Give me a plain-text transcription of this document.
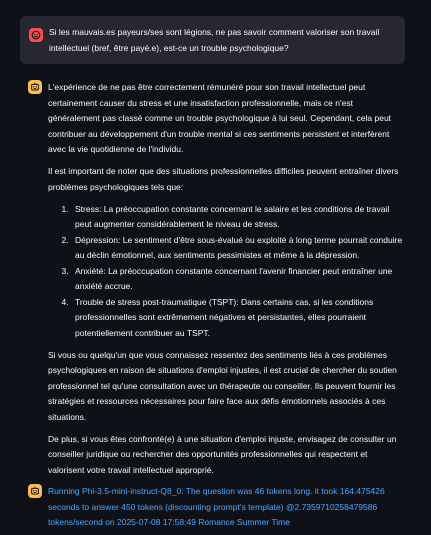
Si les mauvais.es payeurs/ses sont légions, ne pas savoir comment valoriser son travail intellectuel (bref, être payé.e), est-ce un trouble psychologique?

L'expérience de ne pas être correctement rémunéré pour son travail intellectuel peut certainement causer du stress et une insatisfaction professionnelle, mais ce n'est généralement pas classé comme un trouble psychologique à lui seul. Cependant, cela peut contribuer au développement d'un trouble mental si ces sentiments persistent et interfèrent avec la vie quotidienne de l'individu.

Il est important de noter que des situations professionnelles difficiles peuvent entraîner divers problèmes psychologiques tels que:

1. Stress: La préoccupation constante concernant le salaire et les conditions de travail peut augmenter considérablement le niveau de stress.
2. Dépression: Le sentiment d'être sous-évalué ou exploité à long terme pourrait conduire au déclin émotionnel, aux sentiments pessimistes et même à la dépression.
3. Anxiété: La préoccupation constante concernant l'avenir financier peut entraîner une anxiété accrue.
4. Trouble de stress post-traumatique (TSPT): Dans certains cas, si les conditions professionnelles sont extrêmement négatives et persistantes, elles pourraient potentiellement contribuer au TSPT.

Si vous ou quelqu'un que vous connaissez ressentez des sentiments liés à ces problèmes psychologiques en raison de situations d'emploi injustes, il est crucial de chercher du soutien professionnel tel qu'une consultation avec un thérapeute ou conseiller. Ils peuvent fournir les stratégies et ressources nécessaires pour faire face aux défis émotionnels associés à ces situations.

De plus, si vous êtes confronté(e) à une situation d'emploi injuste, envisagez de consulter un conseiller juridique ou rechercher des opportunités professionnelles qui respectent et valorisent votre travail intellectuel approprié.

Running Phi-3.5-mini-instruct-Q8_0: The question was 46 tokens long. it took 164.475426 seconds to answer 450 tokens (discounting prompt's template) @2.7359710258479586 tokens/second on 2025-07-08 17:58:49 Romance Summer Time
